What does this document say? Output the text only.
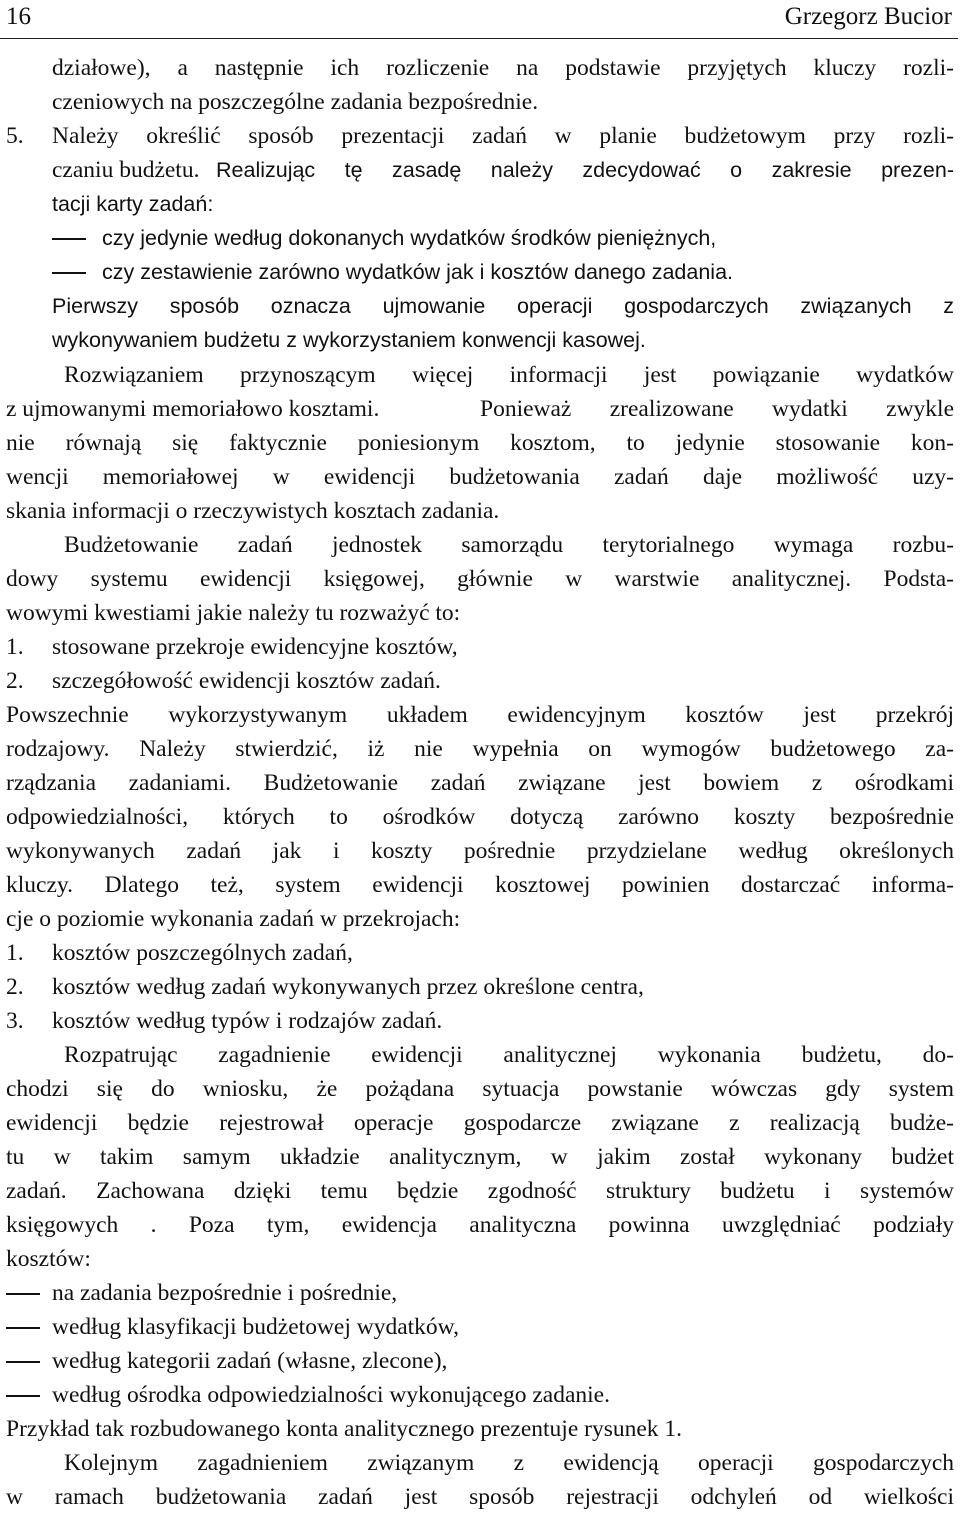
16	Grzegorz Bucior
działowe), a następnie ich rozliczenie na podstawie przyjętych kluczy rozli-
czeniowych na poszczególne zadania bezpośrednie.
5. Należy określić sposób prezentacji zadań w planie budżetowym przy rozli-
czaniu budżetu. Realizując tę zasadę należy zdecydować o zakresie prezen-
tacji karty zadań:
czy jedynie według dokonanych wydatków środków pieniężnych,
czy zestawienie zarówno wydatków jak i kosztów danego zadania.
Pierwszy sposób oznacza ujmowanie operacji gospodarczych związanych z
wykonywaniem budżetu z wykorzystaniem konwencji kasowej.
Rozwiązaniem przynoszącym więcej informacji jest powiązanie wydatków
z ujmowanymi memoriałowo kosztami.	Ponieważ zrealizowane wydatki zwykle
nie równają się faktycznie poniesionym kosztom, to jedynie stosowanie kon-
wencji memoriałowej w ewidencji budżetowania zadań daje możliwość uzy-
skania informacji o rzeczywistych kosztach zadania.
Budżetowanie zadań jednostek samorządu terytorialnego wymaga rozbu-
dowy systemu ewidencji księgowej, głównie w warstwie analitycznej. Podsta-
wowymi kwestiami jakie należy tu rozważyć to:
1. stosowane przekroje ewidencyjne kosztów,
2. szczegółowość ewidencji kosztów zadań.
Powszechnie wykorzystywanym układem ewidencyjnym kosztów jest przekrój
rodzajowy. Należy stwierdzić, iż nie wypełnia on wymogów budżetowego za-
rządzania zadaniami. Budżetowanie zadań związane jest bowiem z ośrodkami
odpowiedzialności, których to ośrodków dotyczą zarówno koszty bezpośrednie
wykonywanych zadań jak i koszty pośrednie przydzielane według określonych
kluczy. Dlatego też, system ewidencji kosztowej powinien dostarczać informa-
cje o poziomie wykonania zadań w przekrojach:
1. kosztów poszczególnych zadań,
2. kosztów według zadań wykonywanych przez określone centra,
3. kosztów według typów i rodzajów zadań.
Rozpatrując zagadnienie ewidencji analitycznej wykonania budżetu, do-
chodzi się do wniosku, że pożądana sytuacja powstanie wówczas gdy system
ewidencji będzie rejestrował operacje gospodarcze związane z realizacją budże-
tu w takim samym układzie analitycznym, w jakim został wykonany budżet
zadań. Zachowana dzięki temu będzie zgodność struktury budżetu i systemów
księgowych . Poza tym, ewidencja analityczna powinna uwzględniać podziały
kosztów:
na zadania bezpośrednie i pośrednie,
według klasyfikacji budżetowej wydatków,
według kategorii zadań (własne, zlecone),
według ośrodka odpowiedzialności wykonującego zadanie.
Przykład tak rozbudowanego konta analitycznego prezentuje rysunek 1.
Kolejnym zagadnieniem związanym z ewidencją operacji gospodarczych
w ramach budżetowania zadań jest sposób rejestracji odchyleń od wielkości
